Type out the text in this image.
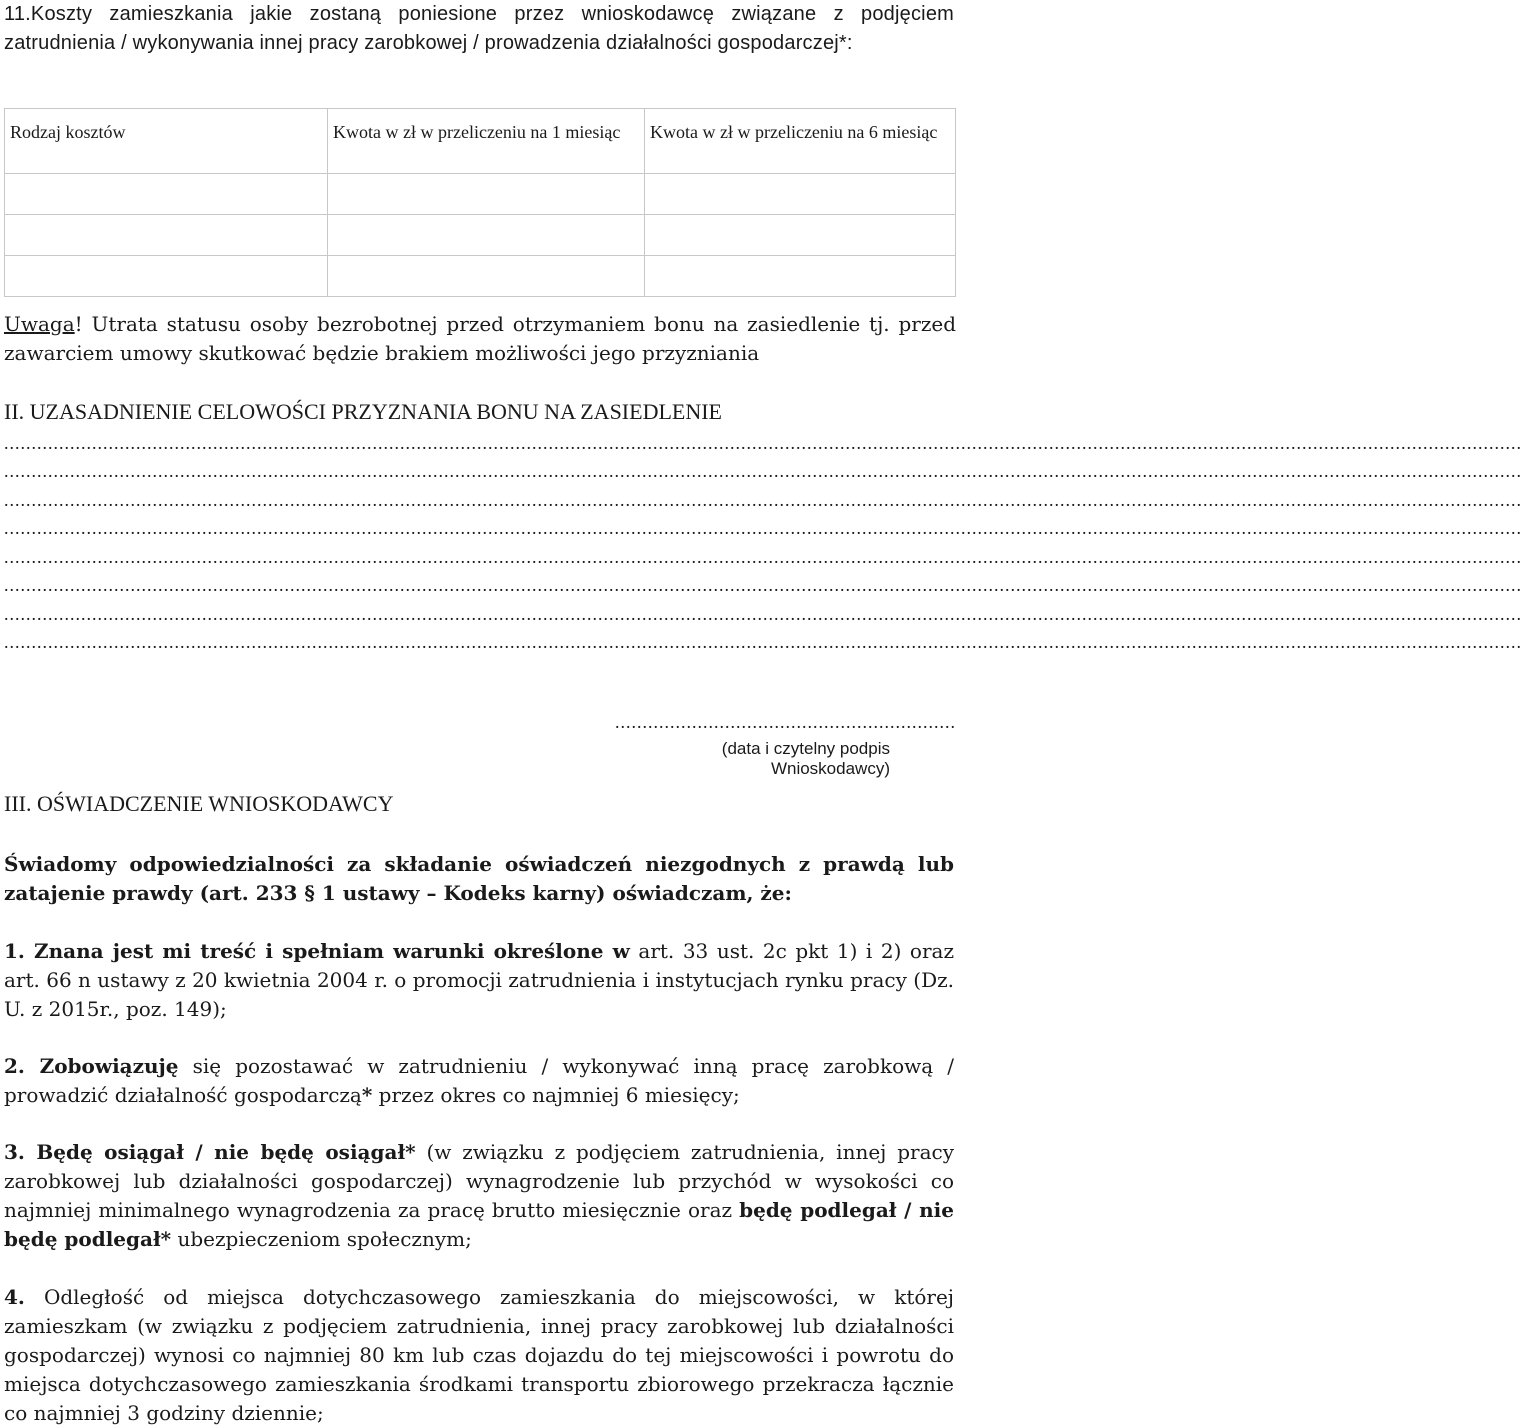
11.Koszty zamieszkania jakie zostaną poniesione przez wnioskodawcę związane z podjęciem zatrudnienia / wykonywania innej pracy zarobkowej / prowadzenia działalności gospodarczej*:
Rodzaj kosztów	Kwota w zł w przeliczeniu na 1 miesiąc	Kwota w zł w przeliczeniu na 6 miesiąc

Uwaga! Utrata statusu osoby bezrobotnej przed otrzymaniem bonu na zasiedlenie tj. przed zawarciem umowy skutkować będzie brakiem możliwości jego przyzniania
II. UZASADNIENIE CELOWOŚCI PRZYZNANIA BONU NA ZASIEDLENIE
....................................................................................................................................................................................................................................................................................
....................................................................................................................................................................................................................................................................................
....................................................................................................................................................................................................................................................................................
....................................................................................................................................................................................................................................................................................
....................................................................................................................................................................................................................................................................................
....................................................................................................................................................................................................................................................................................
....................................................................................................................................................................................................................................................................................
....................................................................................................................................................................................................................................................................................
..............................................................
(data i czytelny podpis Wnioskodawcy)
III. OŚWIADCZENIE WNIOSKODAWCY
Świadomy odpowiedzialności za składanie oświadczeń niezgodnych z prawdą lub zatajenie prawdy (art. 233 § 1 ustawy – Kodeks karny) oświadczam, że:
1. Znana jest mi treść i spełniam warunki określone w art. 33 ust. 2c pkt 1) i 2) oraz art. 66 n ustawy z 20 kwietnia 2004 r. o promocji zatrudnienia i instytucjach rynku pracy (Dz. U. z 2015r., poz. 149);
2. Zobowiązuję się pozostawać w zatrudnieniu / wykonywać inną pracę zarobkową / prowadzić działalność gospodarczą* przez okres co najmniej 6 miesięcy;
3. Będę osiągał / nie będę osiągał* (w związku z podjęciem zatrudnienia, innej pracy zarobkowej lub działalności gospodarczej) wynagrodzenie lub przychód w wysokości co najmniej minimalnego wynagrodzenia za pracę brutto miesięcznie oraz będę podlegał / nie będę podlegał* ubezpieczeniom społecznym;
4. Odległość od miejsca dotychczasowego zamieszkania do miejscowości, w której zamieszkam (w związku z podjęciem zatrudnienia, innej pracy zarobkowej lub działalności gospodarczej) wynosi co najmniej 80 km lub czas dojazdu do tej miejscowości i powrotu do miejsca dotychczasowego zamieszkania środkami transportu zbiorowego przekracza łącznie co najmniej 3 godziny dziennie;
